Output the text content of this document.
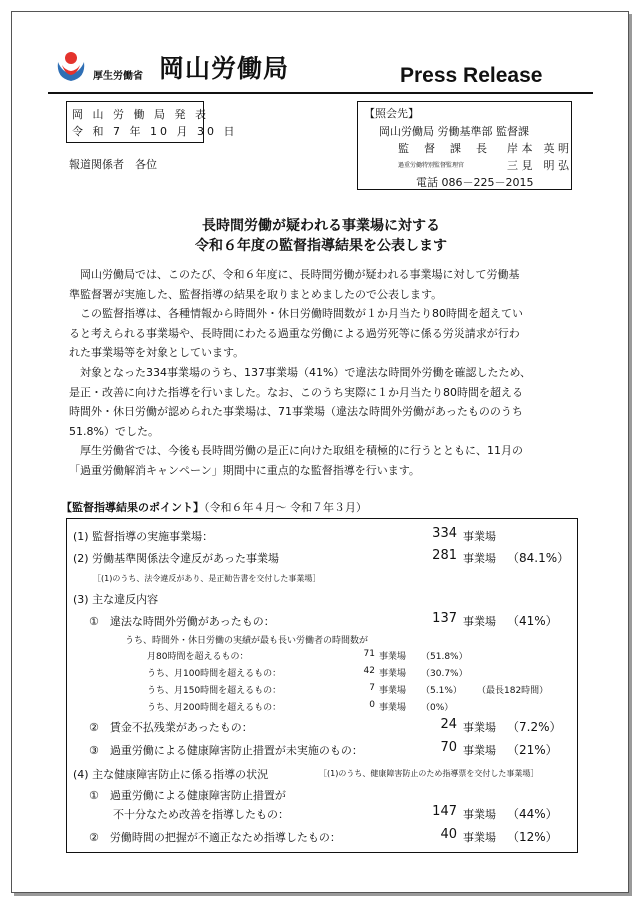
厚生労働省 岡山労働局	Press Release
岡 山 労 働 局 発 表
令 和 7 年 10 月 30 日
報道関係者　各位
【照会先】
岡山労働局 労働基準部 監督課
監　督　課　長 岸 本　英 明
過重労働特別監督監理官	三 見　明 弘
電話 086－225－2015
長時間労働が疑われる事業場に対する
令和６年度の監督指導結果を公表します

　岡山労働局では、このたび、令和６年度に、長時間労働が疑われる事業場に対して労働基
準監督署が実施した、監督指導の結果を取りまとめましたので公表します。

　この監督指導は、各種情報から時間外・休日労働時間数が１か月当たり80時間を超えてい
ると考えられる事業場や、長時間にわたる過重な労働による過労死等に係る労災請求が行わ
れた事業場等を対象としています。

　対象となった334事業場のうち、137事業場（41%）で違法な時間外労働を確認したため、
是正・改善に向けた指導を行いました。なお、このうち実際に１か月当たり80時間を超える
時間外・休日労働が認められた事業場は、71事業場（違法な時間外労働があったもののうち
51.8%）でした。

　厚生労働省では、今後も長時間労働の是正に向けた取組を積極的に行うとともに、11月の
「過重労働解消キャンペーン」期間中に重点的な監督指導を行います。

【監督指導結果のポイント】（令和６年４月～ 令和７年３月）
(1) 監督指導の実施事業場：	334 事業場
(2) 労働基準関係法令違反があった事業場	281 事業場 （84.1%）
［(1)のうち、法令違反があり、是正勧告書を交付した事業場］
(3) 主な違反内容
①　違法な時間外労働があったもの：	137 事業場 （41%）
うち、時間外・休日労働の実績が最も長い労働者の時間数が
月80時間を超えるもの：	71 事業場 （51.8%）
うち、月100時間を超えるもの：	42 事業場 （30.7%）
うち、月150時間を超えるもの：	7 事業場 （5.1%） （最長182時間）
うち、月200時間を超えるもの：	0 事業場 （0%）
②　賃金不払残業があったもの：	24 事業場 （7.2%）
③　過重労働による健康障害防止措置が未実施のもの：	70 事業場 （21%）
(4) 主な健康障害防止に係る指導の状況	［(1)のうち、健康障害防止のため指導票を交付した事業場］
①　過重労働による健康障害防止措置が
不十分なため改善を指導したもの：	147 事業場 （44%）
②　労働時間の把握が不適正なため指導したもの：	40 事業場 （12%）
